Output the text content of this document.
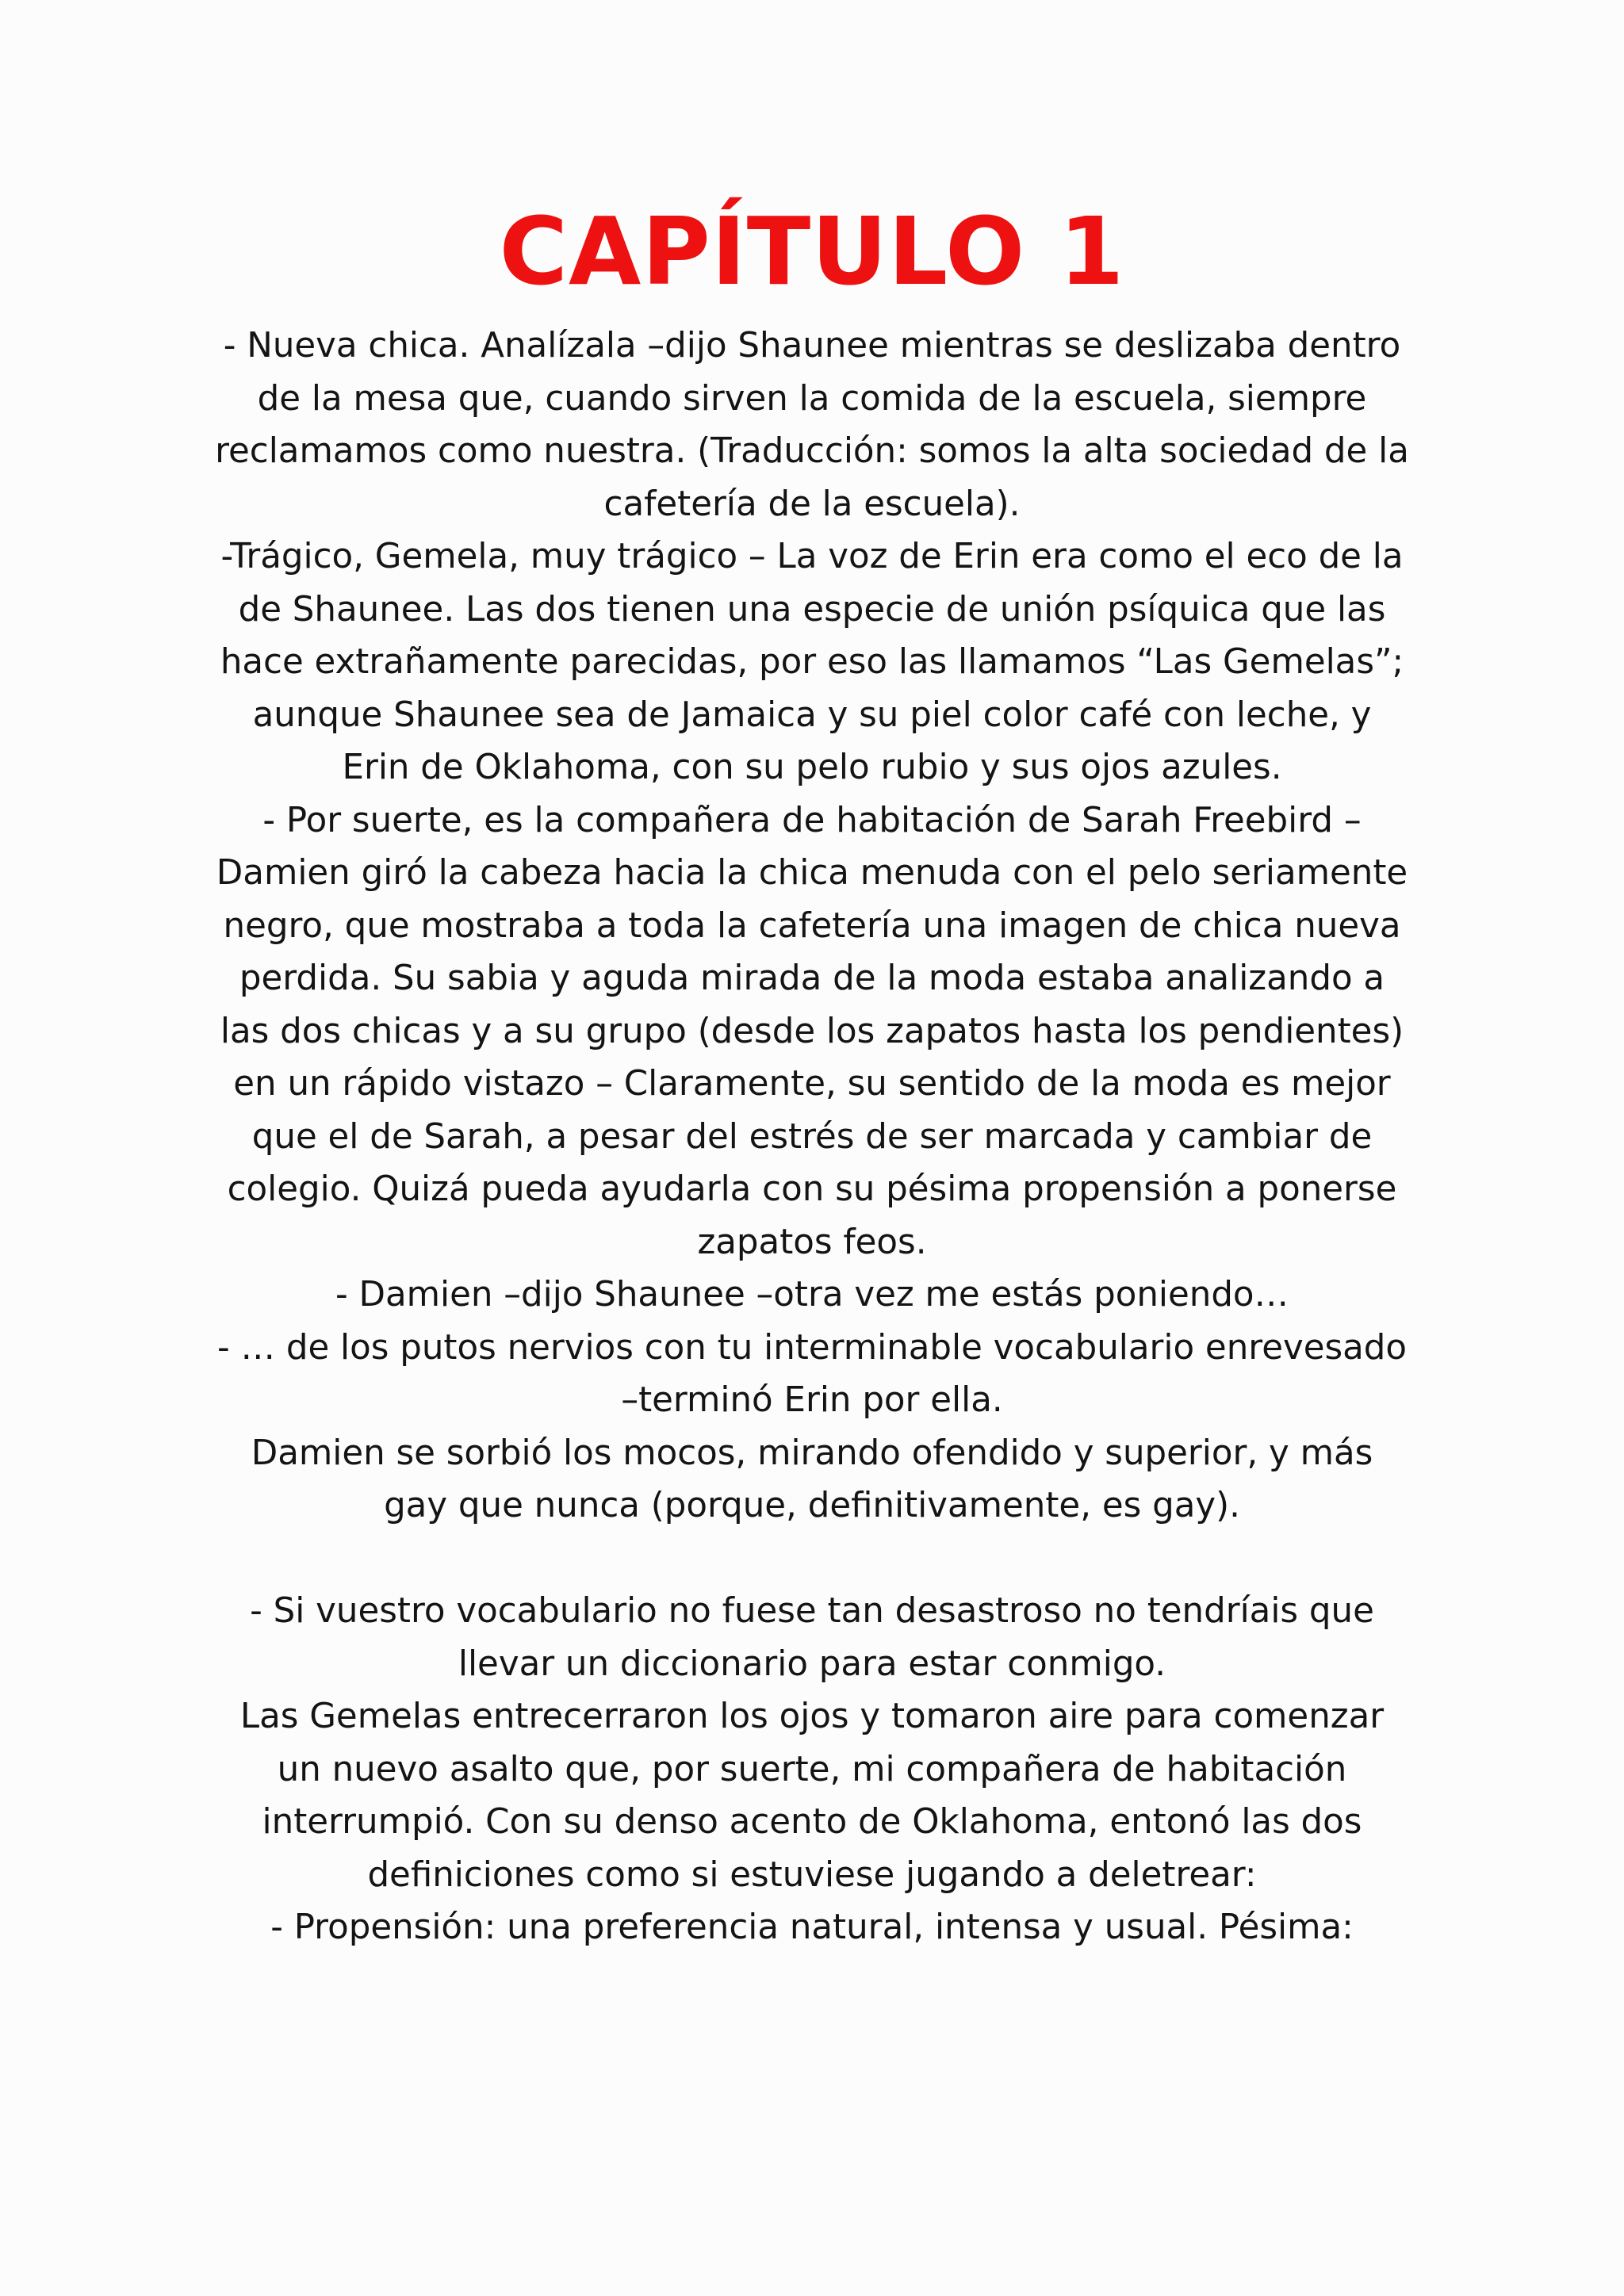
CAPÍTULO 1

- Nueva chica. Analízala –dijo Shaunee mientras se deslizaba dentro de la mesa que, cuando sirven la comida de la escuela, siempre reclamamos como nuestra. (Traducción: somos la alta sociedad de la cafetería de la escuela).

-Trágico, Gemela, muy trágico – La voz de Erin era como el eco de la de Shaunee. Las dos tienen una especie de unión psíquica que las hace extrañamente parecidas, por eso las llamamos “Las Gemelas”; aunque Shaunee sea de Jamaica y su piel color café con leche, y Erin de Oklahoma, con su pelo rubio y sus ojos azules.

- Por suerte, es la compañera de habitación de Sarah Freebird – Damien giró la cabeza hacia la chica menuda con el pelo seriamente negro, que mostraba a toda la cafetería una imagen de chica nueva perdida. Su sabia y aguda mirada de la moda estaba analizando a las dos chicas y a su grupo (desde los zapatos hasta los pendientes) en un rápido vistazo – Claramente, su sentido de la moda es mejor que el de Sarah, a pesar del estrés de ser marcada y cambiar de colegio. Quizá pueda ayudarla con su pésima propensión a ponerse zapatos feos.

- Damien –dijo Shaunee –otra vez me estás poniendo…

- … de los putos nervios con tu interminable vocabulario enrevesado –terminó Erin por ella.

Damien se sorbió los mocos, mirando ofendido y superior, y más gay que nunca (porque, definitivamente, es gay).

- Si vuestro vocabulario no fuese tan desastroso no tendríais que llevar un diccionario para estar conmigo.

Las Gemelas entrecerraron los ojos y tomaron aire para comenzar un nuevo asalto que, por suerte, mi compañera de habitación interrumpió. Con su denso acento de Oklahoma, entonó las dos definiciones como si estuviese jugando a deletrear:

- Propensión: una preferencia natural, intensa y usual. Pésima:
